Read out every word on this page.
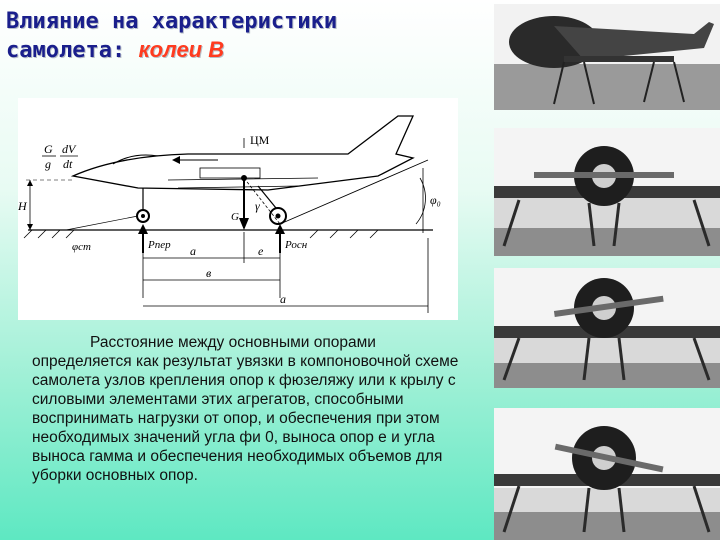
Влияние на характеристики
самолета: колеи В
G
g
dV
dt
ЦМ
Н	φ₀
φст
γ
G
Рпер	Росн
а	е
в
а
Расстояние между основными опорами
определяется как результат увязки в компоновочной схеме самолета узлов крепления опор к фюзеляжу или к крылу с силовыми элементами этих агрегатов, способными воспринимать нагрузки от опор, и обеспечения при этом необходимых значений угла фи 0, выноса опор е и угла выноса гамма и обеспечения необходимых объемов для уборки основных опор.
